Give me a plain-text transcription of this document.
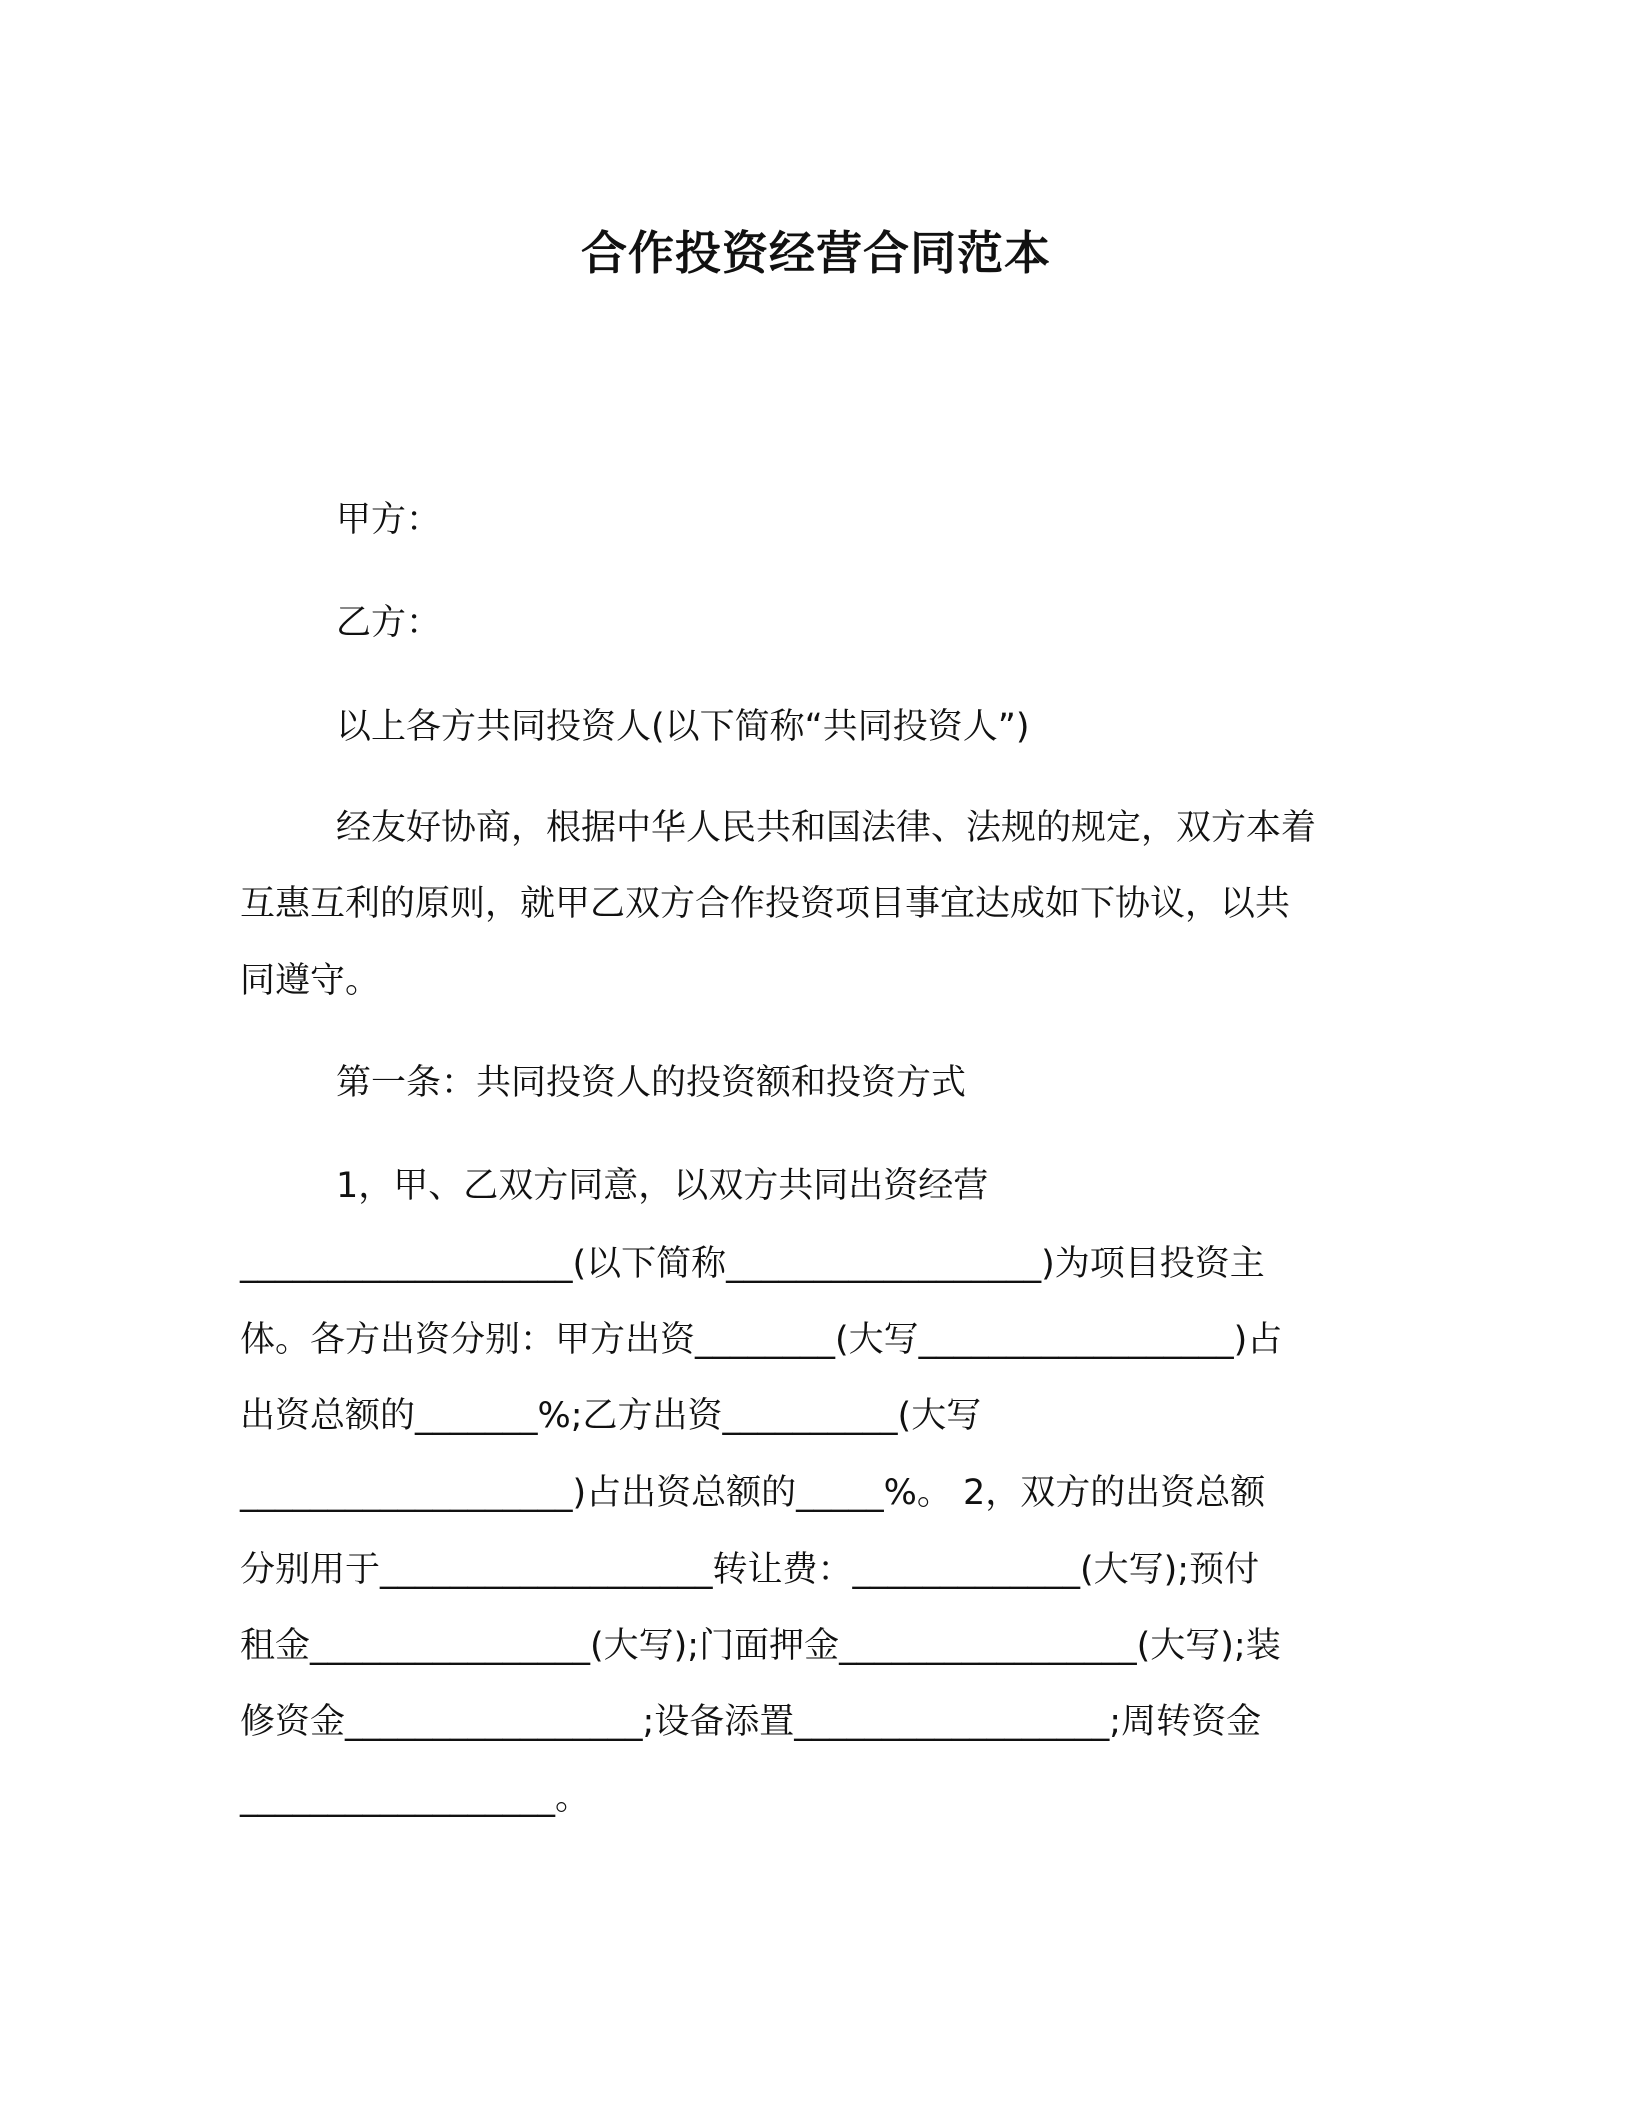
合作投资经营合同范本
甲方：
乙方：
以上各方共同投资人(以下简称“共同投资人”)
经友好协商，根据中华人民共和国法律、法规的规定，双方本着
互惠互利的原则，就甲乙双方合作投资项目事宜达成如下协议，以共
同遵守。
第一条：共同投资人的投资额和投资方式
1，甲、乙双方同意，以双方共同出资经营
___________________(以下简称__________________)为项目投资主
体。各方出资分别：甲方出资________(大写__________________)占
出资总额的_______%;乙方出资__________(大写
___________________)占出资总额的_____%。 2，双方的出资总额
分别用于___________________转让费：_____________(大写);预付
租金________________(大写);门面押金_________________(大写);装
修资金_________________;设备添置__________________;周转资金
__________________。
